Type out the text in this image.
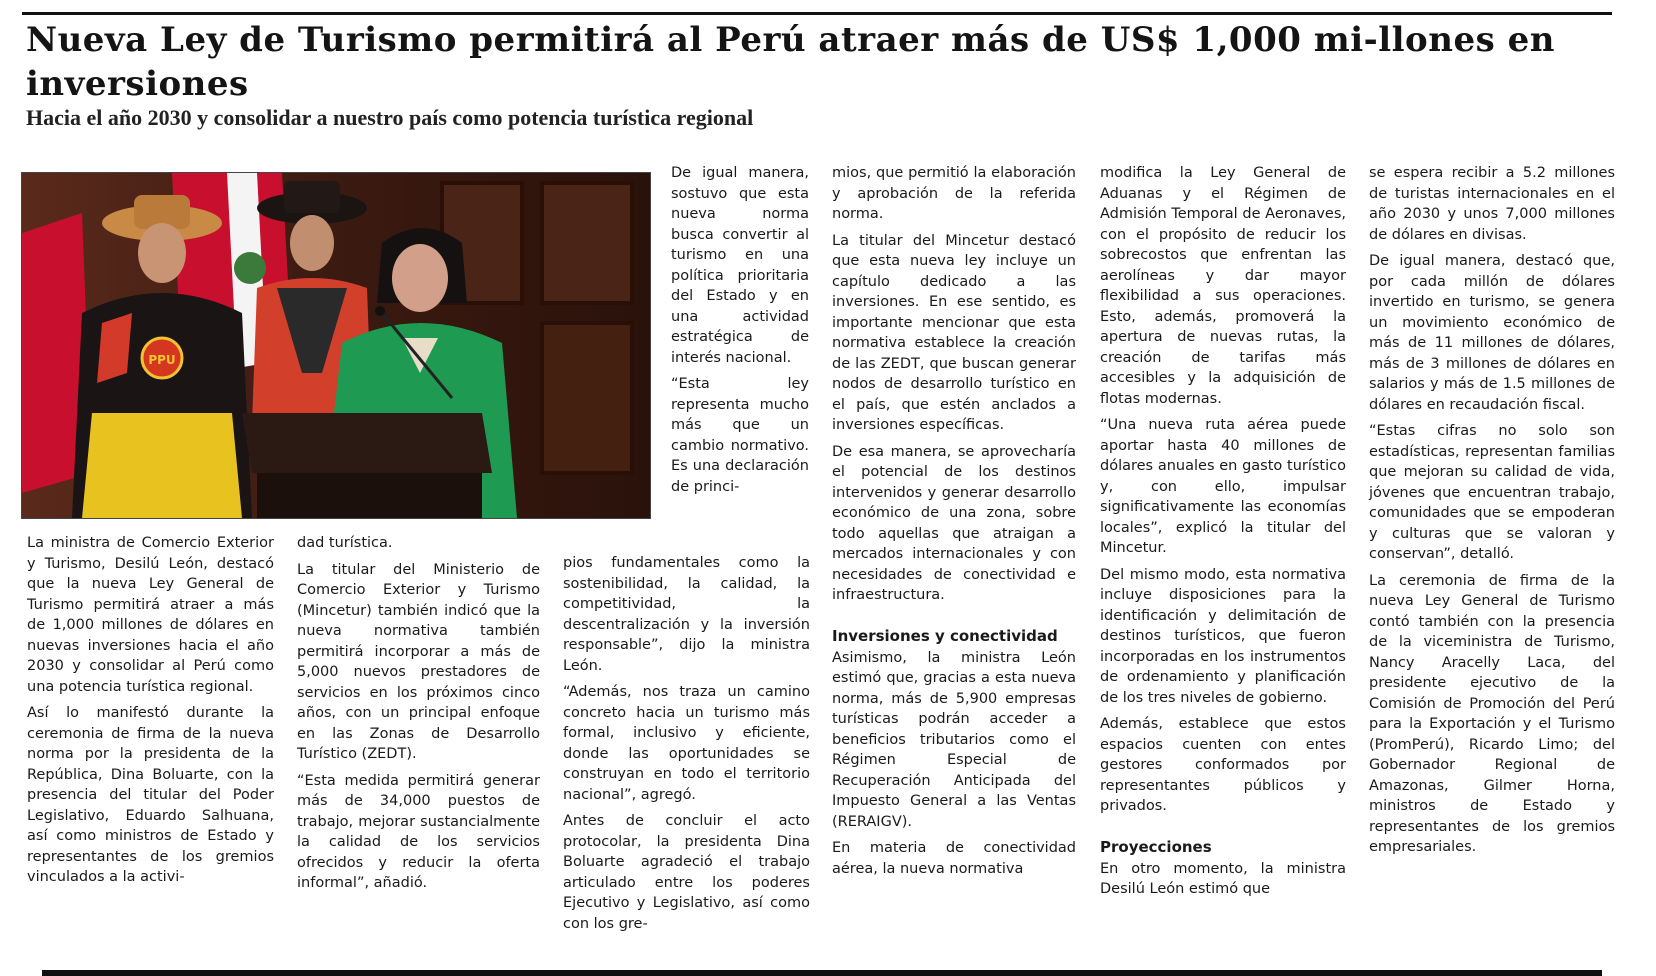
Nueva Ley de Turismo permitirá al Perú atraer más de US$ 1,000 mi-llones en inversiones
Hacia el año 2030 y consolidar a nuestro país como potencia turística regional
PPU

La ministra de Comercio Exterior y Turismo, Desilú León, destacó que la nueva Ley General de Turismo permitirá atraer a más de 1,000 millones de dólares en nuevas inversiones hacia el año 2030 y consolidar al Perú como una potencia turística regional.

Así lo manifestó durante la ceremonia de firma de la nueva norma por la presidenta de la República, Dina Boluarte, con la presencia del titular del Poder Legislativo, Eduardo Salhuana, así como ministros de Estado y representantes de los gremios vinculados a la activi-

dad turística.

La titular del Ministerio de Comercio Exterior y Turismo (Mincetur) también indicó que la nueva normativa también permitirá incorporar a más de 5,000 nuevos prestadores de servicios en los próximos cinco años, con un principal enfoque en las Zonas de Desarrollo Turístico (ZEDT).

“Esta medida permitirá generar más de 34,000 puestos de trabajo, mejorar sustancialmente la calidad de los servicios ofrecidos y reducir la oferta informal”, añadió.

De igual manera, sostuvo que esta nueva norma busca convertir al turismo en una política prioritaria del Estado y en una actividad estratégica de interés nacional.

“Esta ley representa mucho más que un cambio normativo. Es una declaración de princi-

pios fundamentales como la sostenibilidad, la calidad, la competitividad, la descentralización y la inversión responsable”, dijo la ministra León.

“Además, nos traza un camino concreto hacia un turismo más formal, inclusivo y eficiente, donde las oportunidades se construyan en todo el territorio nacional”, agregó.

Antes de concluir el acto protocolar, la presidenta Dina Boluarte agradeció el trabajo articulado entre los poderes Ejecutivo y Legislativo, así como con los gre-

mios, que permitió la elaboración y aprobación de la referida norma.

La titular del Mincetur destacó que esta nueva ley incluye un capítulo dedicado a las inversiones. En ese sentido, es importante mencionar que esta normativa establece la creación de las ZEDT, que buscan generar nodos de desarrollo turístico en el país, que estén anclados a inversiones específicas.

De esa manera, se aprovecharía el potencial de los destinos intervenidos y generar desarrollo económico de una zona, sobre todo aquellas que atraigan a mercados internacionales y con necesidades de conectividad e infraestructura.

Inversiones y conectividad

Asimismo, la ministra León estimó que, gracias a esta nueva norma, más de 5,900 empresas turísticas podrán acceder a beneficios tributarios como el Régimen Especial de Recuperación Anticipada del Impuesto General a las Ventas (RERAIGV).

En materia de conectividad aérea, la nueva normativa

modifica la Ley General de Aduanas y el Régimen de Admisión Temporal de Aeronaves, con el propósito de reducir los sobrecostos que enfrentan las aerolíneas y dar mayor flexibilidad a sus operaciones. Esto, además, promoverá la apertura de nuevas rutas, la creación de tarifas más accesibles y la adquisición de flotas modernas.

“Una nueva ruta aérea puede aportar hasta 40 millones de dólares anuales en gasto turístico y, con ello, impulsar significativamente las economías locales”, explicó la titular del Mincetur.

Del mismo modo, esta normativa incluye disposiciones para la identificación y delimitación de destinos turísticos, que fueron incorporadas en los instrumentos de ordenamiento y planificación de los tres niveles de gobierno.

Además, establece que estos espacios cuenten con entes gestores conformados por representantes públicos y privados.

Proyecciones

En otro momento, la ministra Desilú León estimó que

se espera recibir a 5.2 millones de turistas internacionales en el año 2030 y unos 7,000 millones de dólares en divisas.

De igual manera, destacó que, por cada millón de dólares invertido en turismo, se genera un movimiento económico de más de 11 millones de dólares, más de 3 millones de dólares en salarios y más de 1.5 millones de dólares en recaudación fiscal.

“Estas cifras no solo son estadísticas, representan familias que mejoran su calidad de vida, jóvenes que encuentran trabajo, comunidades que se empoderan y culturas que se valoran y conservan”, detalló.

La ceremonia de firma de la nueva Ley General de Turismo contó también con la presencia de la viceministra de Turismo, Nancy Aracelly Laca, del presidente ejecutivo de la Comisión de Promoción del Perú para la Exportación y el Turismo (PromPerú), Ricardo Limo; del Gobernador Regional de Amazonas, Gilmer Horna, ministros de Estado y representantes de los gremios empresariales.
